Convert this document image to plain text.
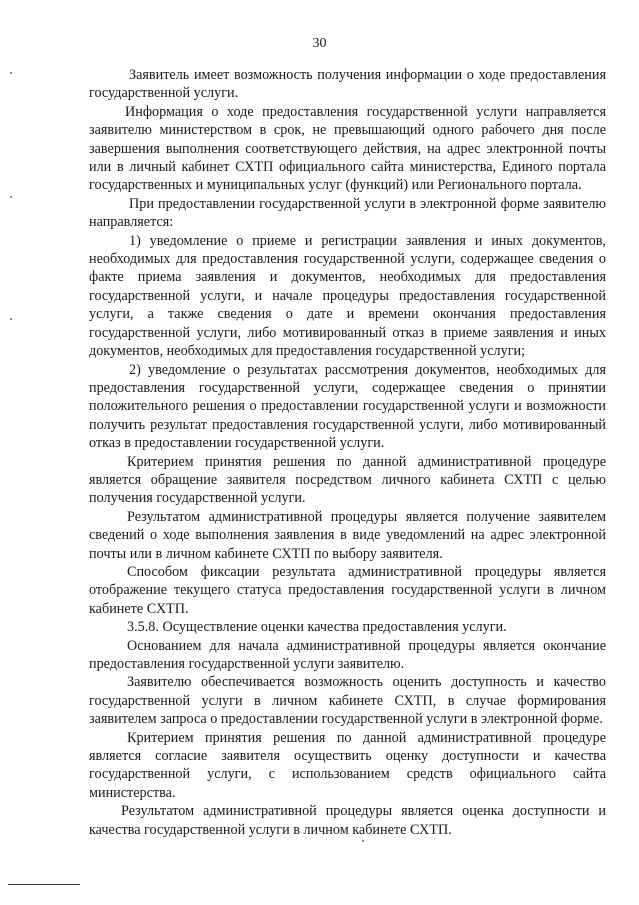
30

Заявитель имеет возможность получения информации о ходе предоставления государственной услуги.

Информация о ходе предоставления государственной услуги направляется заявителю министерством в срок, не превышающий одного рабочего дня после завершения выполнения соответствующего действия, на адрес электронной почты или в личный кабинет СХТП официального сайта министерства, Единого портала государственных и муниципальных услуг (функций) или Регионального портала.

При предоставлении государственной услуги в электронной форме заявителю направляется:

1) уведомление о приеме и регистрации заявления и иных документов, необходимых для предоставления государственной услуги, содержащее сведения о факте приема заявления и документов, необходимых для предоставления государственной услуги, и начале процедуры предоставления государственной услуги, а также сведения о дате и времени окончания предоставления государственной услуги, либо мотивированный отказ в приеме заявления и иных документов, необходимых для предоставления государственной услуги;

2) уведомление о результатах рассмотрения документов, необходимых для предоставления государственной услуги, содержащее сведения о принятии положительного решения о предоставлении государственной услуги и возможности получить результат предоставления государственной услуги, либо мотивированный отказ в предоставлении государственной услуги.

Критерием принятия решения по данной административной процедуре является обращение заявителя посредством личного кабинета СХТП с целью получения государственной услуги.

Результатом административной процедуры является получение заявителем сведений о ходе выполнения заявления в виде уведомлений на адрес электронной почты или в личном кабинете СХТП по выбору заявителя.

Способом фиксации результата административной процедуры является отображение текущего статуса предоставления государственной услуги в личном кабинете СХТП.

3.5.8. Осуществление оценки качества предоставления услуги.

Основанием для начала административной процедуры является окончание предоставления государственной услуги заявителю.

Заявителю обеспечивается возможность оценить доступность и качество государственной услуги в личном кабинете СХТП, в случае формирования заявителем запроса о предоставлении государственной услуги в электронной форме.

Критерием принятия решения по данной административной процедуре является согласие заявителя осуществить оценку доступности и качества государственной услуги, с использованием средств официального сайта министерства.

Результатом административной процедуры является оценка доступности и качества государственной услуги в личном кабинете СХТП.
